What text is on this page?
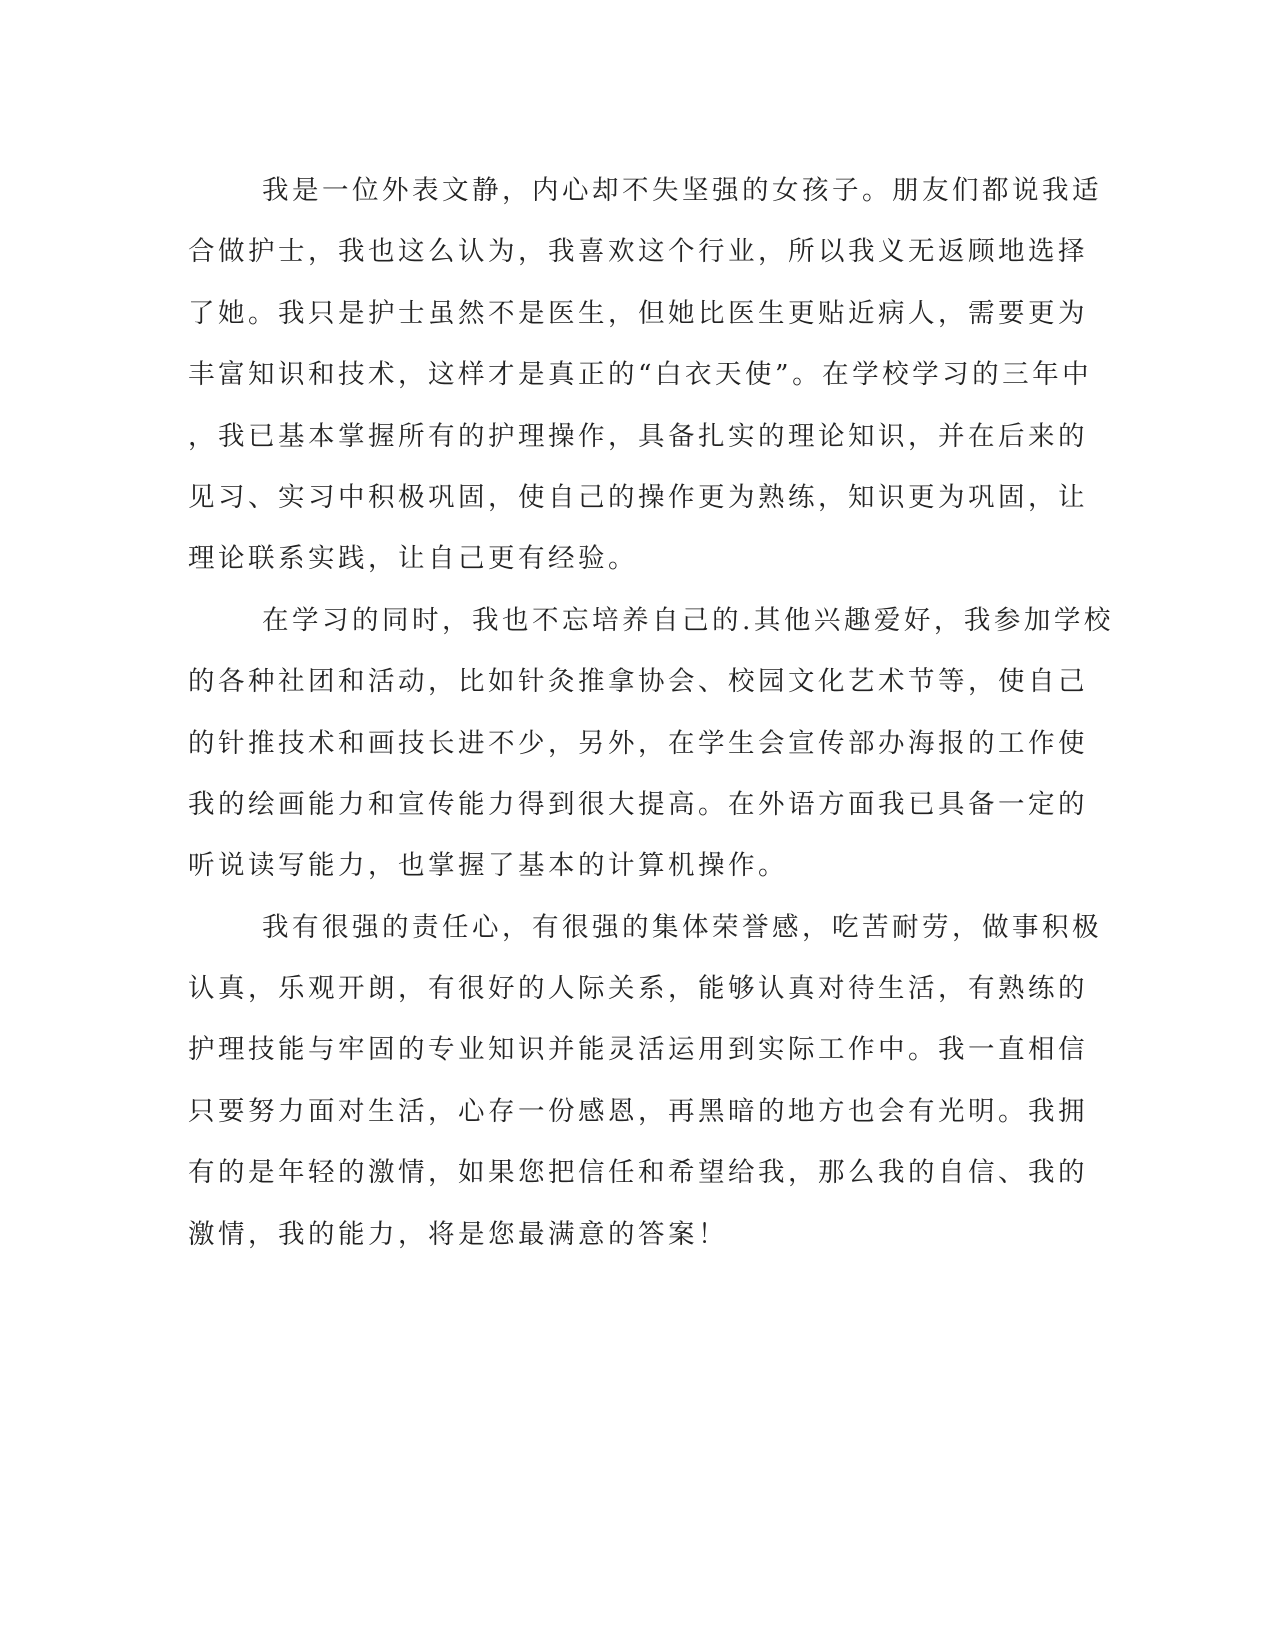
我是一位外表文静，内心却不失坚强的女孩子。朋友们都说我适
合做护士，我也这么认为，我喜欢这个行业，所以我义无返顾地选择
了她。我只是护士虽然不是医生，但她比医生更贴近病人，需要更为
丰富知识和技术，这样才是真正的“白衣天使”。在学校学习的三年中
，我已基本掌握所有的护理操作，具备扎实的理论知识，并在后来的
见习、实习中积极巩固，使自己的操作更为熟练，知识更为巩固，让
理论联系实践，让自己更有经验。
在学习的同时，我也不忘培养自己的.其他兴趣爱好，我参加学校
的各种社团和活动，比如针灸推拿协会、校园文化艺术节等，使自己
的针推技术和画技长进不少，另外，在学生会宣传部办海报的工作使
我的绘画能力和宣传能力得到很大提高。在外语方面我已具备一定的
听说读写能力，也掌握了基本的计算机操作。
我有很强的责任心，有很强的集体荣誉感，吃苦耐劳，做事积极
认真，乐观开朗，有很好的人际关系，能够认真对待生活，有熟练的
护理技能与牢固的专业知识并能灵活运用到实际工作中。我一直相信
只要努力面对生活，心存一份感恩，再黑暗的地方也会有光明。我拥
有的是年轻的激情，如果您把信任和希望给我，那么我的自信、我的
激情，我的能力，将是您最满意的答案！
